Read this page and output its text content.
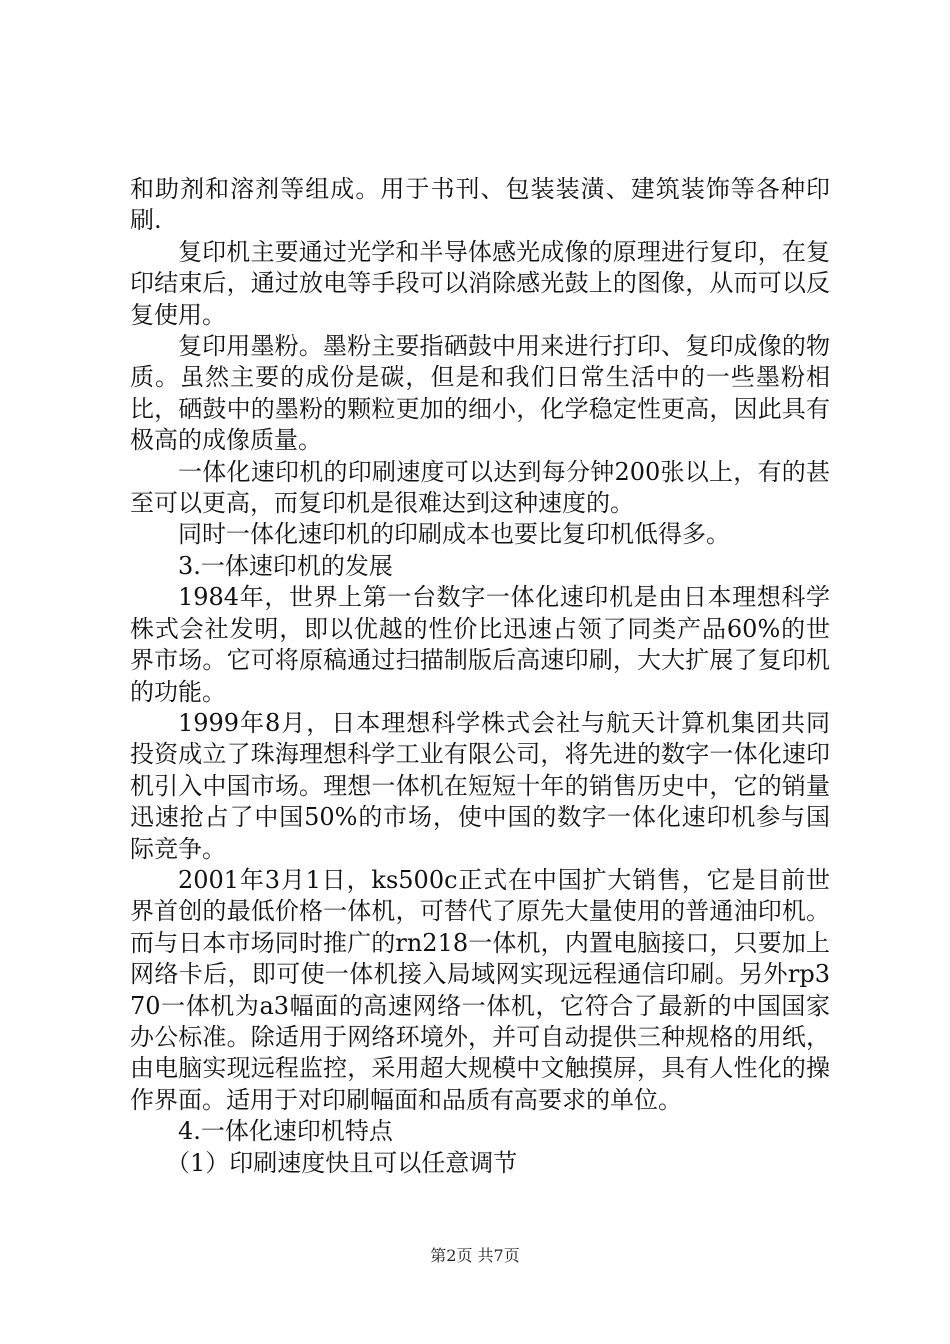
和助剂和溶剂等组成。用于书刊、包装装潢、建筑装饰等各种印刷.

复印机主要通过光学和半导体感光成像的原理进行复印，在复印结束后，通过放电等手段可以消除感光鼓上的图像，从而可以反复使用。

复印用墨粉。墨粉主要指硒鼓中用来进行打印、复印成像的物质。虽然主要的成份是碳，但是和我们日常生活中的一些墨粉相比，硒鼓中的墨粉的颗粒更加的细小，化学稳定性更高，因此具有极高的成像质量。

一体化速印机的印刷速度可以达到每分钟200张以上，有的甚至可以更高，而复印机是很难达到这种速度的。

同时一体化速印机的印刷成本也要比复印机低得多。

3.一体速印机的发展

1984年，世界上第一台数字一体化速印机是由日本理想科学株式会社发明，即以优越的性价比迅速占领了同类产品60%的世界市场。它可将原稿通过扫描制版后高速印刷，大大扩展了复印机的功能。

1999年8月，日本理想科学株式会社与航天计算机集团共同投资成立了珠海理想科学工业有限公司，将先进的数字一体化速印机引入中国市场。理想一体机在短短十年的销售历史中，它的销量迅速抢占了中国50%的市场，使中国的数字一体化速印机参与国际竞争。

2001年3月1日，ks500c正式在中国扩大销售，它是目前世界首创的最低价格一体机，可替代了原先大量使用的普通油印机。而与日本市场同时推广的rn218一体机，内置电脑接口，只要加上网络卡后，即可使一体机接入局域网实现远程通信印刷。另外rp370一体机为a3幅面的高速网络一体机，它符合了最新的中国国家办公标准。除适用于网络环境外，并可自动提供三种规格的用纸，由电脑实现远程监控，采用超大规模中文触摸屏，具有人性化的操作界面。适用于对印刷幅面和品质有高要求的单位。

4.一体化速印机特点

（1）印刷速度快且可以任意调节

第2页 共7页
